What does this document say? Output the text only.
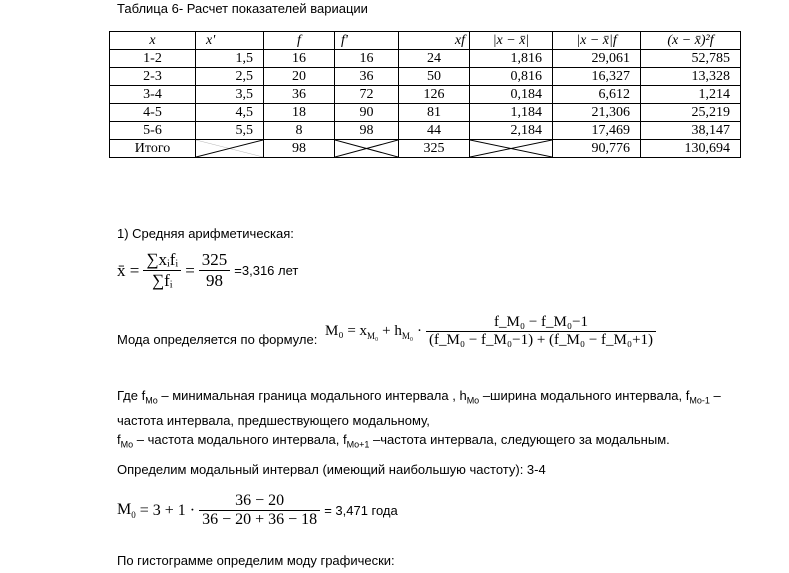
Таблица 6- Расчет показателей вариации
x	x'	f	f'	xf	|x − x̄|	|x − x̄|f	(x − x̄)²f
1-2	1,5	16	16	24	1,816	29,061	52,785
2-3	2,5	20	36	50	0,816	16,327	13,328
3-4	3,5	36	72	126	0,184	6,612	1,214
4-5	4,5	18	90	81	1,184	21,306	25,219
5-6	5,5	8	98	44	2,184	17,469	38,147
Итого		98		325		90,776	130,694
1) Средняя арифметическая:
x̄ = $\frac{\text{∑xᵢfᵢ}}{\text{∑fᵢ}} = \frac{325}{98} =3,316$ лет
Мода определяется по формуле:
$M_0 = x_{M_0} + h_{M_0} \cdot \frac{\text{f\_M₀ − f\_M₀−1}}{\text{(f\_M₀ − f\_M₀−1) + (f\_M₀ − f\_M₀+1)}}$
Где $f_{Mo}$ – минимальная граница модального интервала , $h_{Mo}$ –ширина модального интервала, $f_{Mo-1}$ –
частота интервала, предшествующего модальному,
$f_{Mo}$ – частота модального интервала, $f_{Mo+1}$ –частота интервала, следующего за модальным.
Определим модальный интервал (имеющий наибольшую частоту): 3-4
$M_0 = 3 + 1 \cdot \frac{36 - 20}{36 - 20 + 36 - 18} = 3,471$ года
По гистограмме определим моду графически:
